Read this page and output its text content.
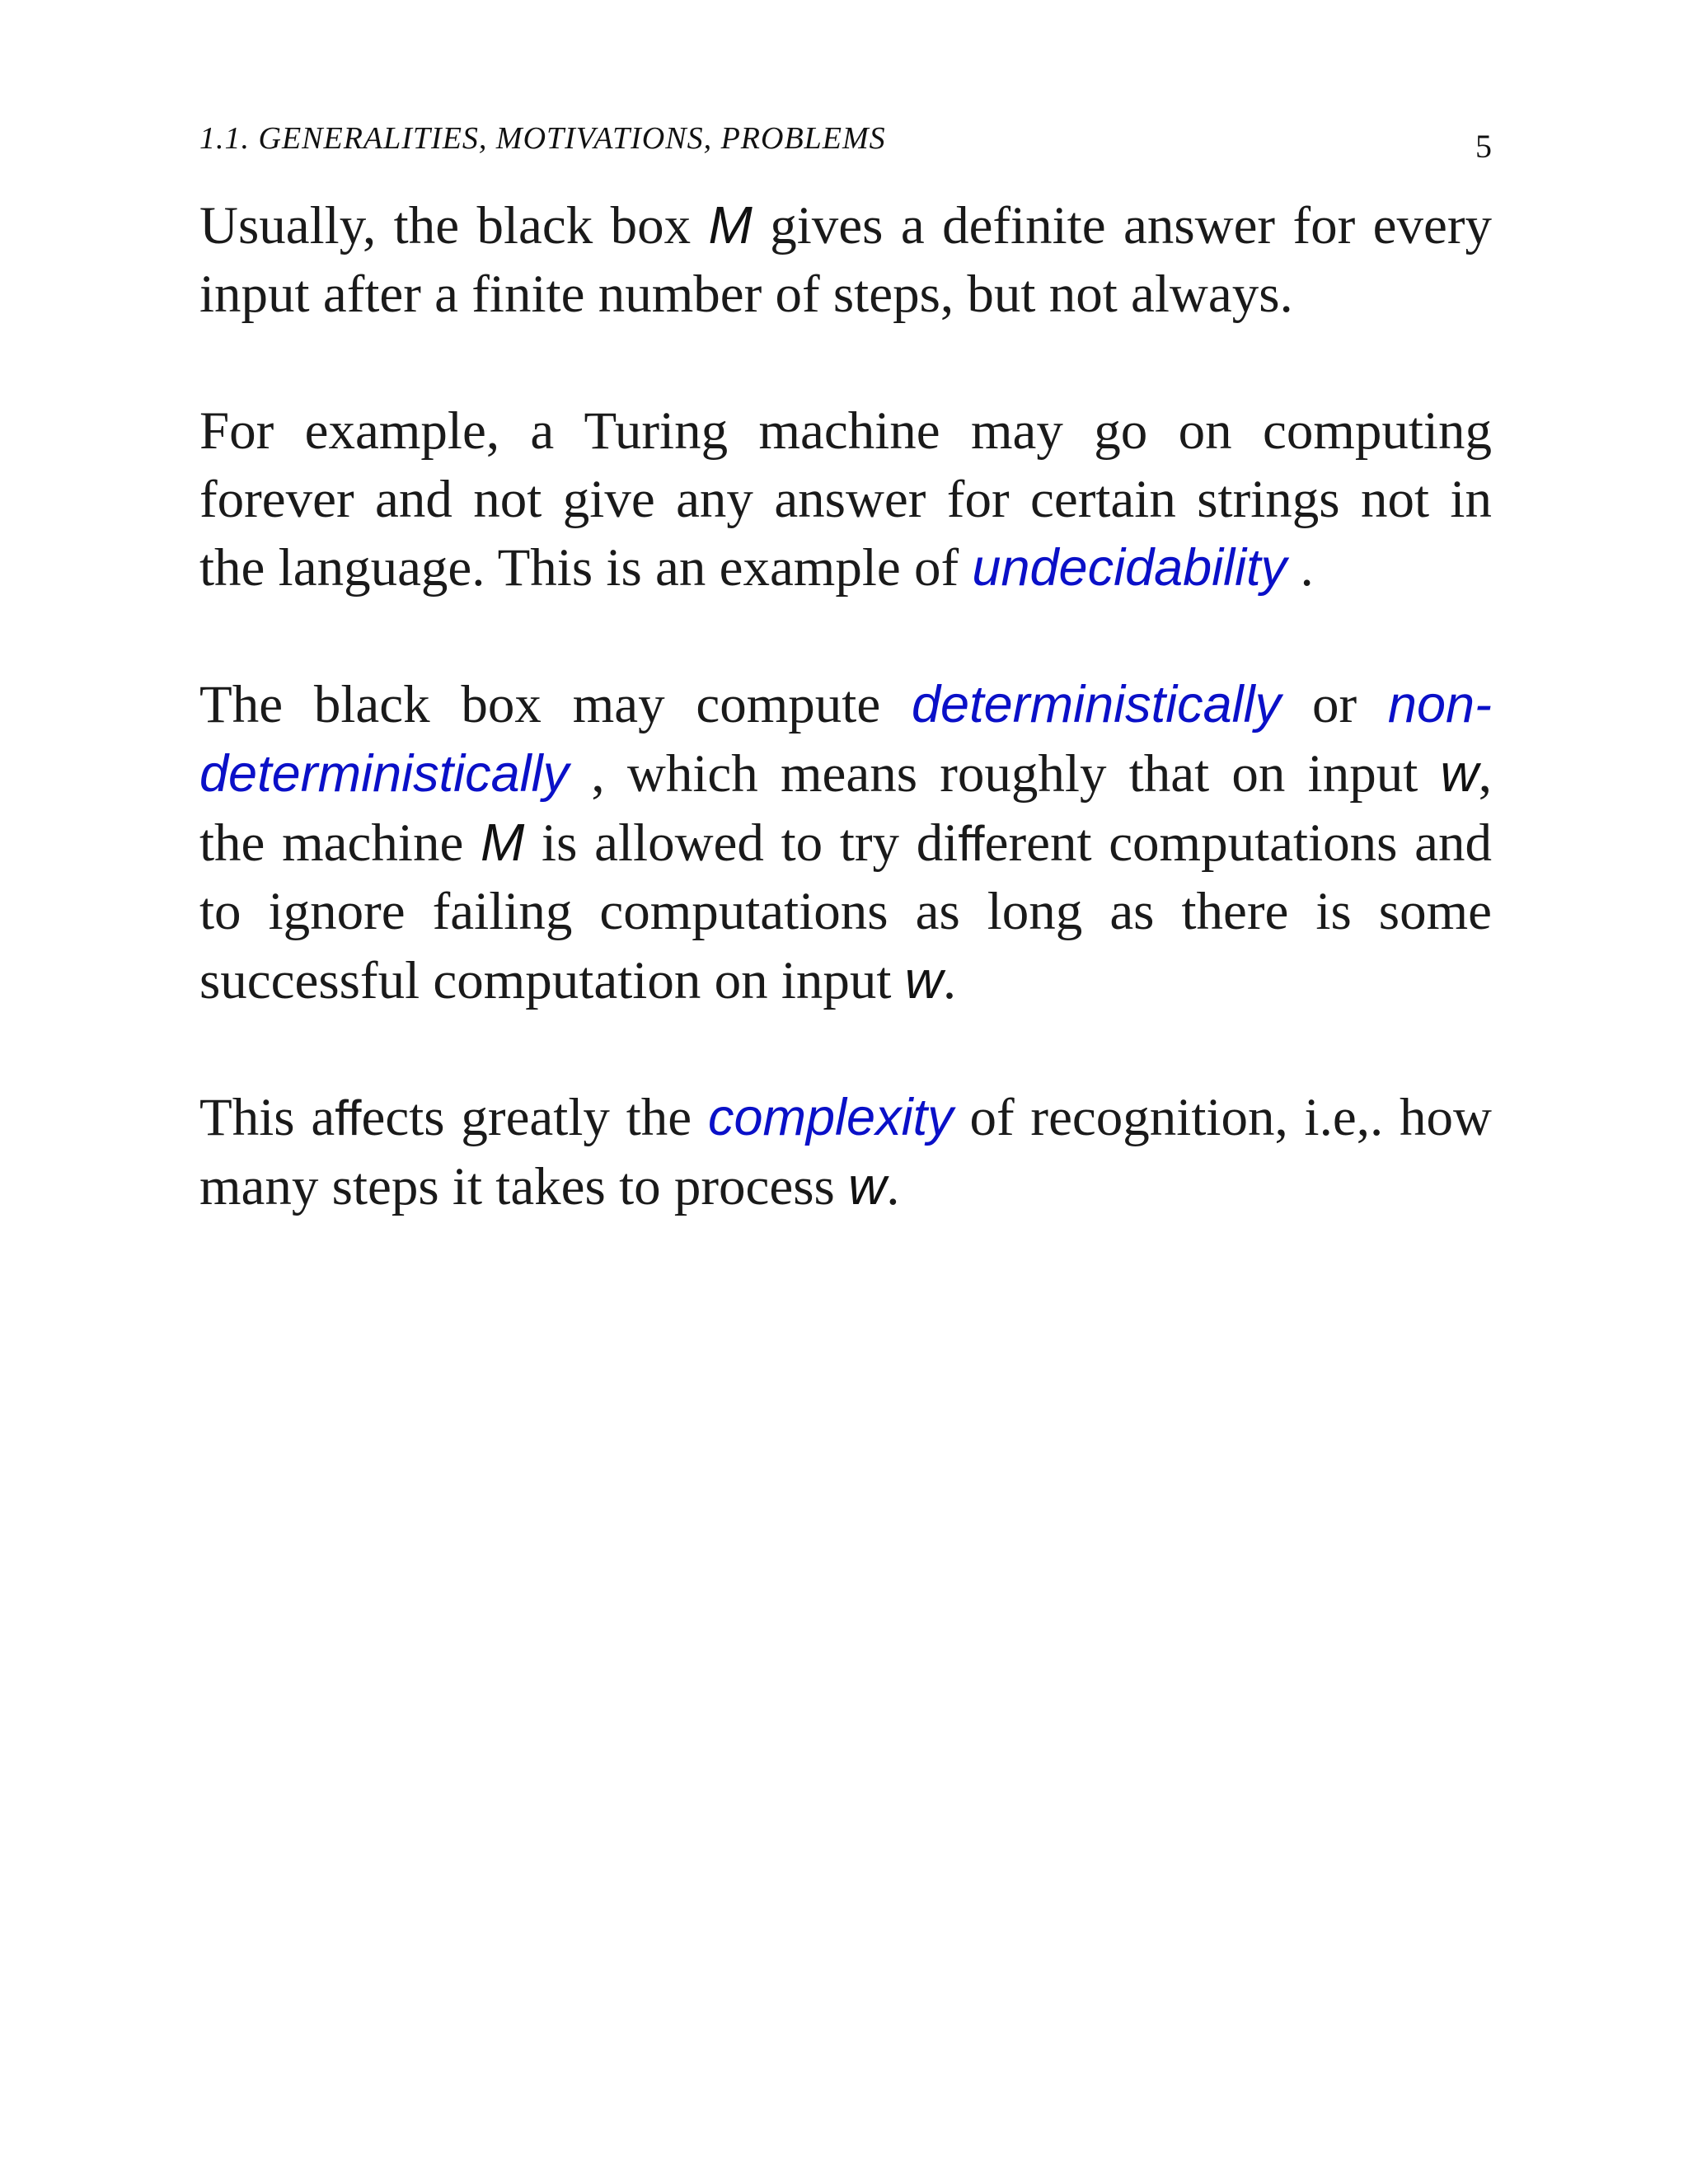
1.1. GENERALITIES, MOTIVATIONS, PROBLEMS	5

Usually, the black box M gives a definite answer for every input after a finite number of steps, but not always.

For example, a Turing machine may go on computing forever and not give any answer for certain strings not in the language. This is an example of undecidability .

The black box may compute deterministically or non-deterministically , which means roughly that on input w, the machine M is allowed to try different computations and to ignore failing computations as long as there is some successful computation on input w.

This affects greatly the complexity of recognition, i.e,. how many steps it takes to process w.
